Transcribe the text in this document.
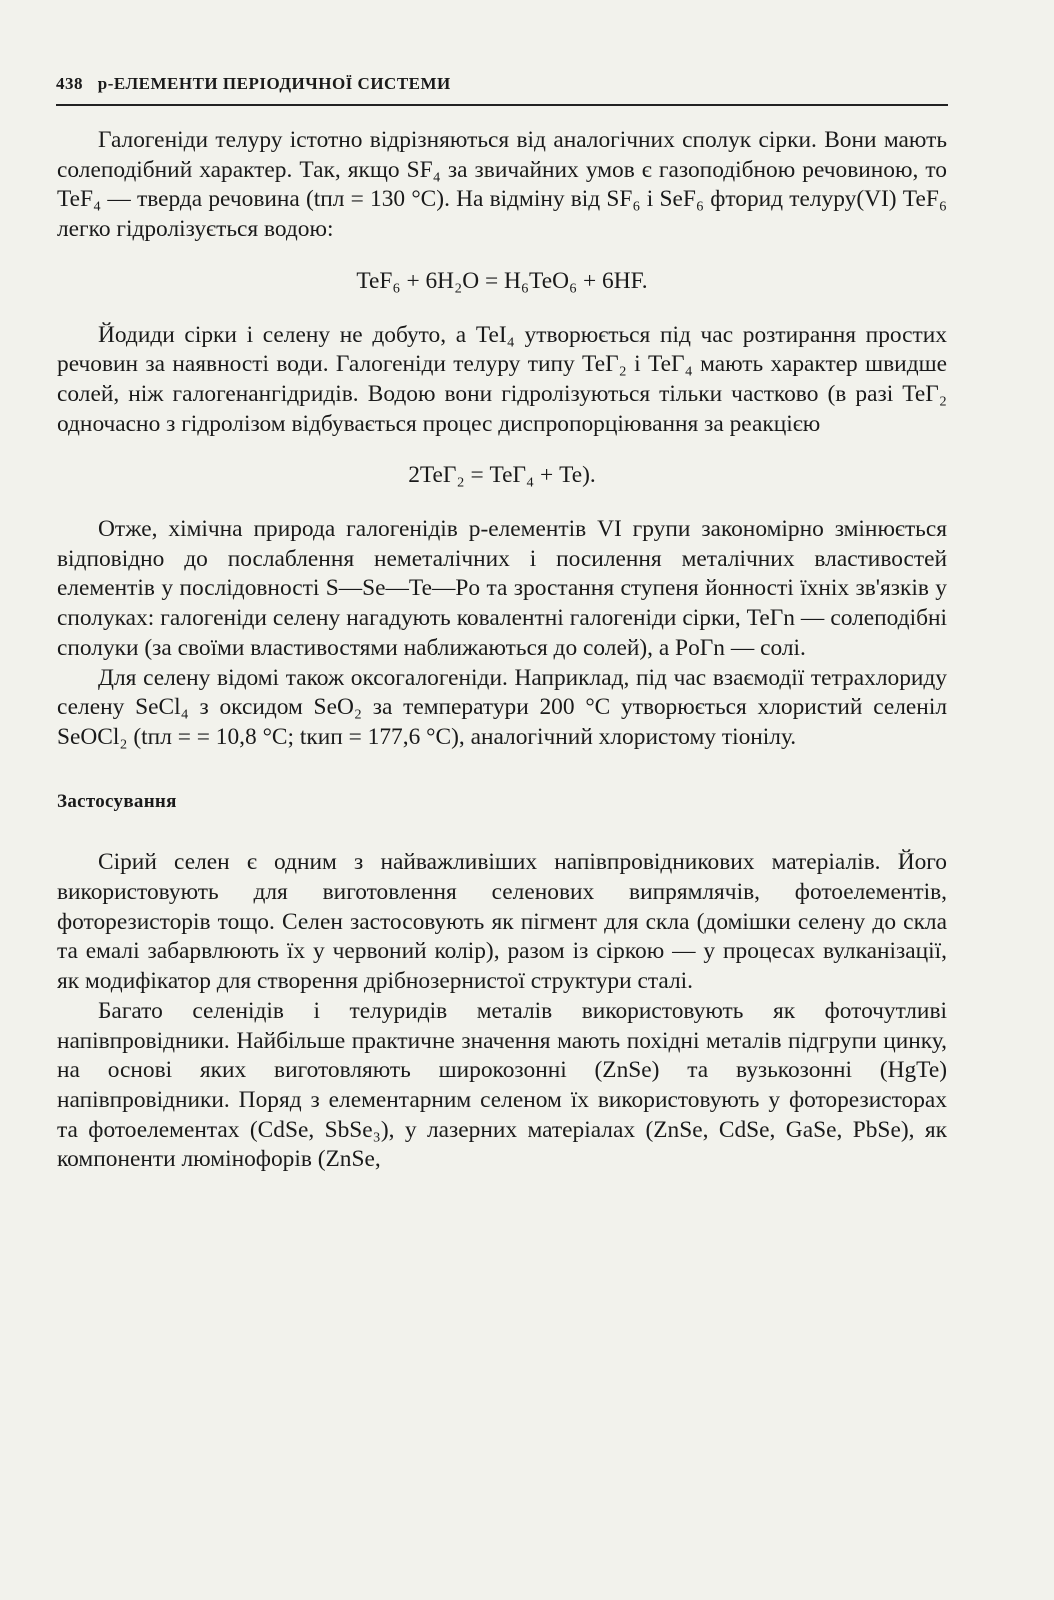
438 p-ЕЛЕМЕНТИ ПЕРІОДИЧНОЇ СИСТЕМИ

Галогеніди телуру істотно відрізняються від аналогічних сполук сірки. Вони мають солеподібний характер. Так, якщо SF₄ за звичайних умов є газоподібною речовиною, то TeF₄ — тверда речовина (tпл = 130 °C). На відміну від SF₆ і SeF₆ фторид телуру(VI) TeF₆ легко гідролізується водою:

TeF₆ + 6H₂O = H₆TeO₆ + 6HF.

Йодиди сірки і селену не добуто, а TeI₄ утворюється під час розтирання простих речовин за наявності води. Галогеніди телуру типу TeГ₂ і TeГ₄ мають характер швидше солей, ніж галогенангідридів. Водою вони гідролізуються тільки частково (в разі TeГ₂ одночасно з гідролізом відбувається процес диспропорціювання за реакцією

2TeГ₂ = TeГ₄ + Te).

Отже, хімічна природа галогенідів p-елементів VI групи закономірно змінюється відповідно до послаблення неметалічних і посилення металічних властивостей елементів у послідовності S—Se—Te—Po та зростання ступеня йонності їхніх зв'язків у сполуках: галогеніди селену нагадують ковалентні галогеніди сірки, TeГn — солеподібні сполуки (за своїми властивостями наближаються до солей), а PoГn — солі.

Для селену відомі також оксогалогеніди. Наприклад, під час взаємодії тетрахлориду селену SeCl₄ з оксидом SeO₂ за температури 200 °C утворюється хлористий селеніл SeOCl₂ (tпл = = 10,8 °C; tкип = 177,6 °C), аналогічний хлористому тіонілу.

Застосування

Сірий селен є одним з найважливіших напівпровідникових матеріалів. Його використовують для виготовлення селенових випрямлячів, фотоелементів, фоторезисторів тощо. Селен застосовують як пігмент для скла (домішки селену до скла та емалі забарвлюють їх у червоний колір), разом із сіркою — у процесах вулканізації, як модифікатор для створення дрібнозернистої структури сталі.

Багато селенідів і телуридів металів використовують як фоточутливі напівпровідники. Найбільше практичне значення мають похідні металів підгрупи цинку, на основі яких виготовляють широкозонні (ZnSe) та вузькозонні (HgTe) напівпровідники. Поряд з елементарним селеном їх використовують у фоторезисторах та фотоелементах (CdSe, SbSe₃), у лазерних матеріалах (ZnSe, CdSe, GaSe, PbSe), як компоненти люмінофорів (ZnSe,
